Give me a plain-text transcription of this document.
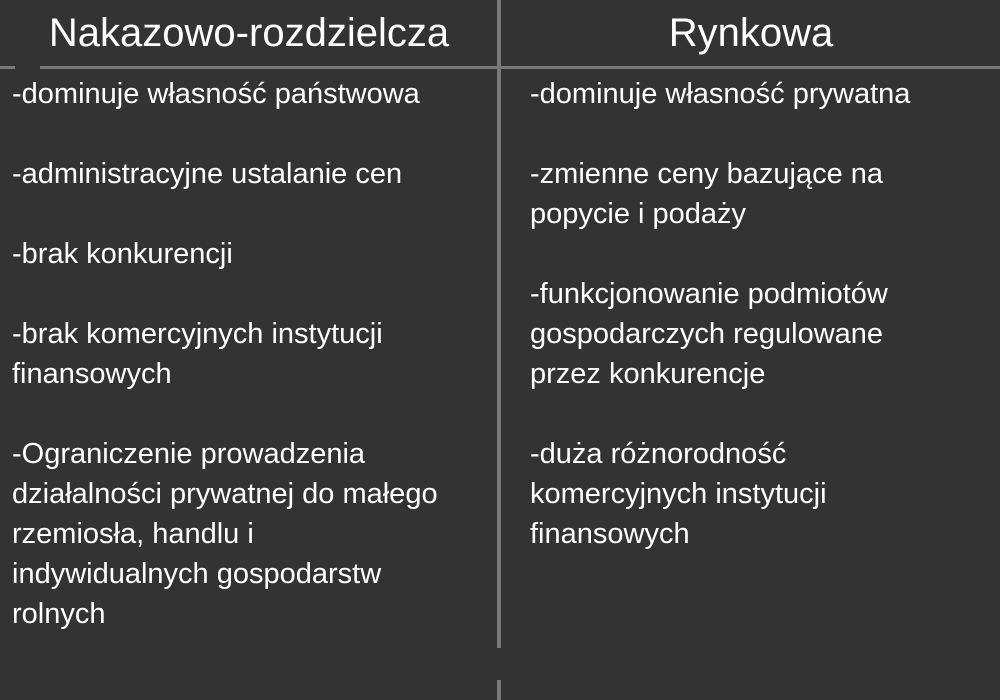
Nakazowo-rozdzielcza	Rynkowa

-dominuje własność państwowa

-administracyjne ustalanie cen

-brak konkurencji

-brak komercyjnych instytucji finansowych

-Ograniczenie prowadzenia działalności prywatnej do małego rzemiosła, handlu i indywidualnych gospodarstw rolnych

-dominuje własność prywatna

-zmienne ceny bazujące na popycie i podaży

-funkcjonowanie podmiotów gospodarczych regulowane przez konkurencje

-duża różnorodność komercyjnych instytucji finansowych
